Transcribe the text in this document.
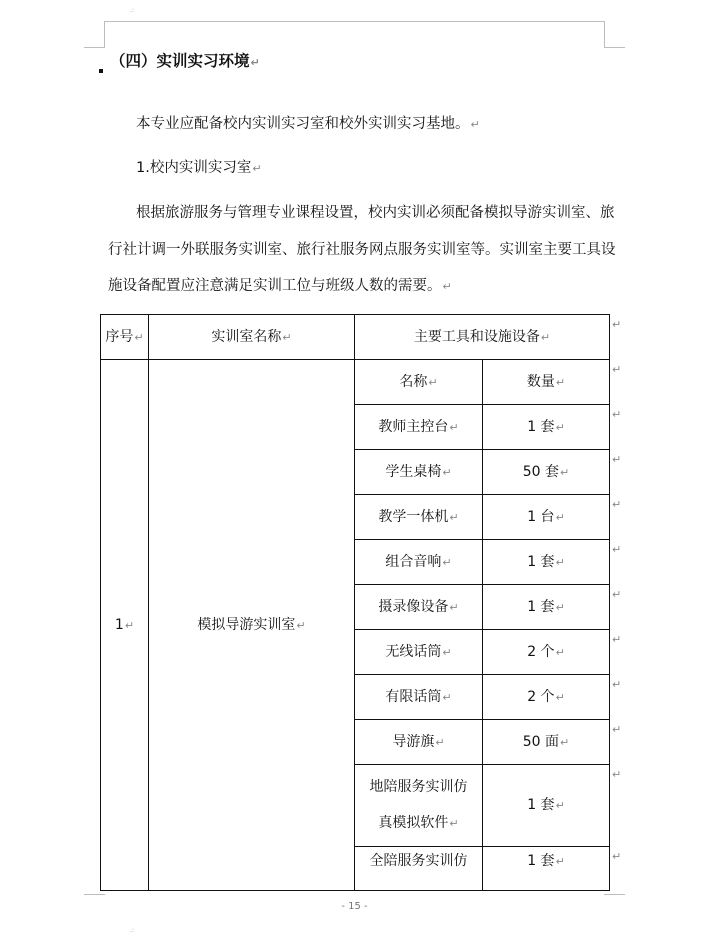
.:
.:
（四）实训实习环境↵
本专业应配备校内实训实习室和校外实训实习基地。↵
1.校内实训实习室↵
根据旅游服务与管理专业课程设置，校内实训必须配备模拟导游实训室、旅
行社计调一外联服务实训室、旅行社服务网点服务实训室等。实训室主要工具设
施设备配置应注意满足实训工位与班级人数的需要。↵
序号↵	实训室名称↵	主要工具和设施设备↵	
1↵	模拟导游实训室↵	名称↵	数量↵
		教师主控台↵	1 套↵
		学生桌椅↵	50 套↵
		教学一体机↵	1 台↵
		组合音响↵	1 套↵
		摄录像设备↵	1 套↵
		无线话筒↵	2 个↵
		有限话筒↵	2 个↵
		导游旗↵	50 面↵

		地陪服务实训仿
真模拟软件↵	1 套↵
		全陪服务实训仿	1 套↵
↵
↵
↵
↵
↵
↵
↵
↵
↵
↵
↵
↵
- 15 -
